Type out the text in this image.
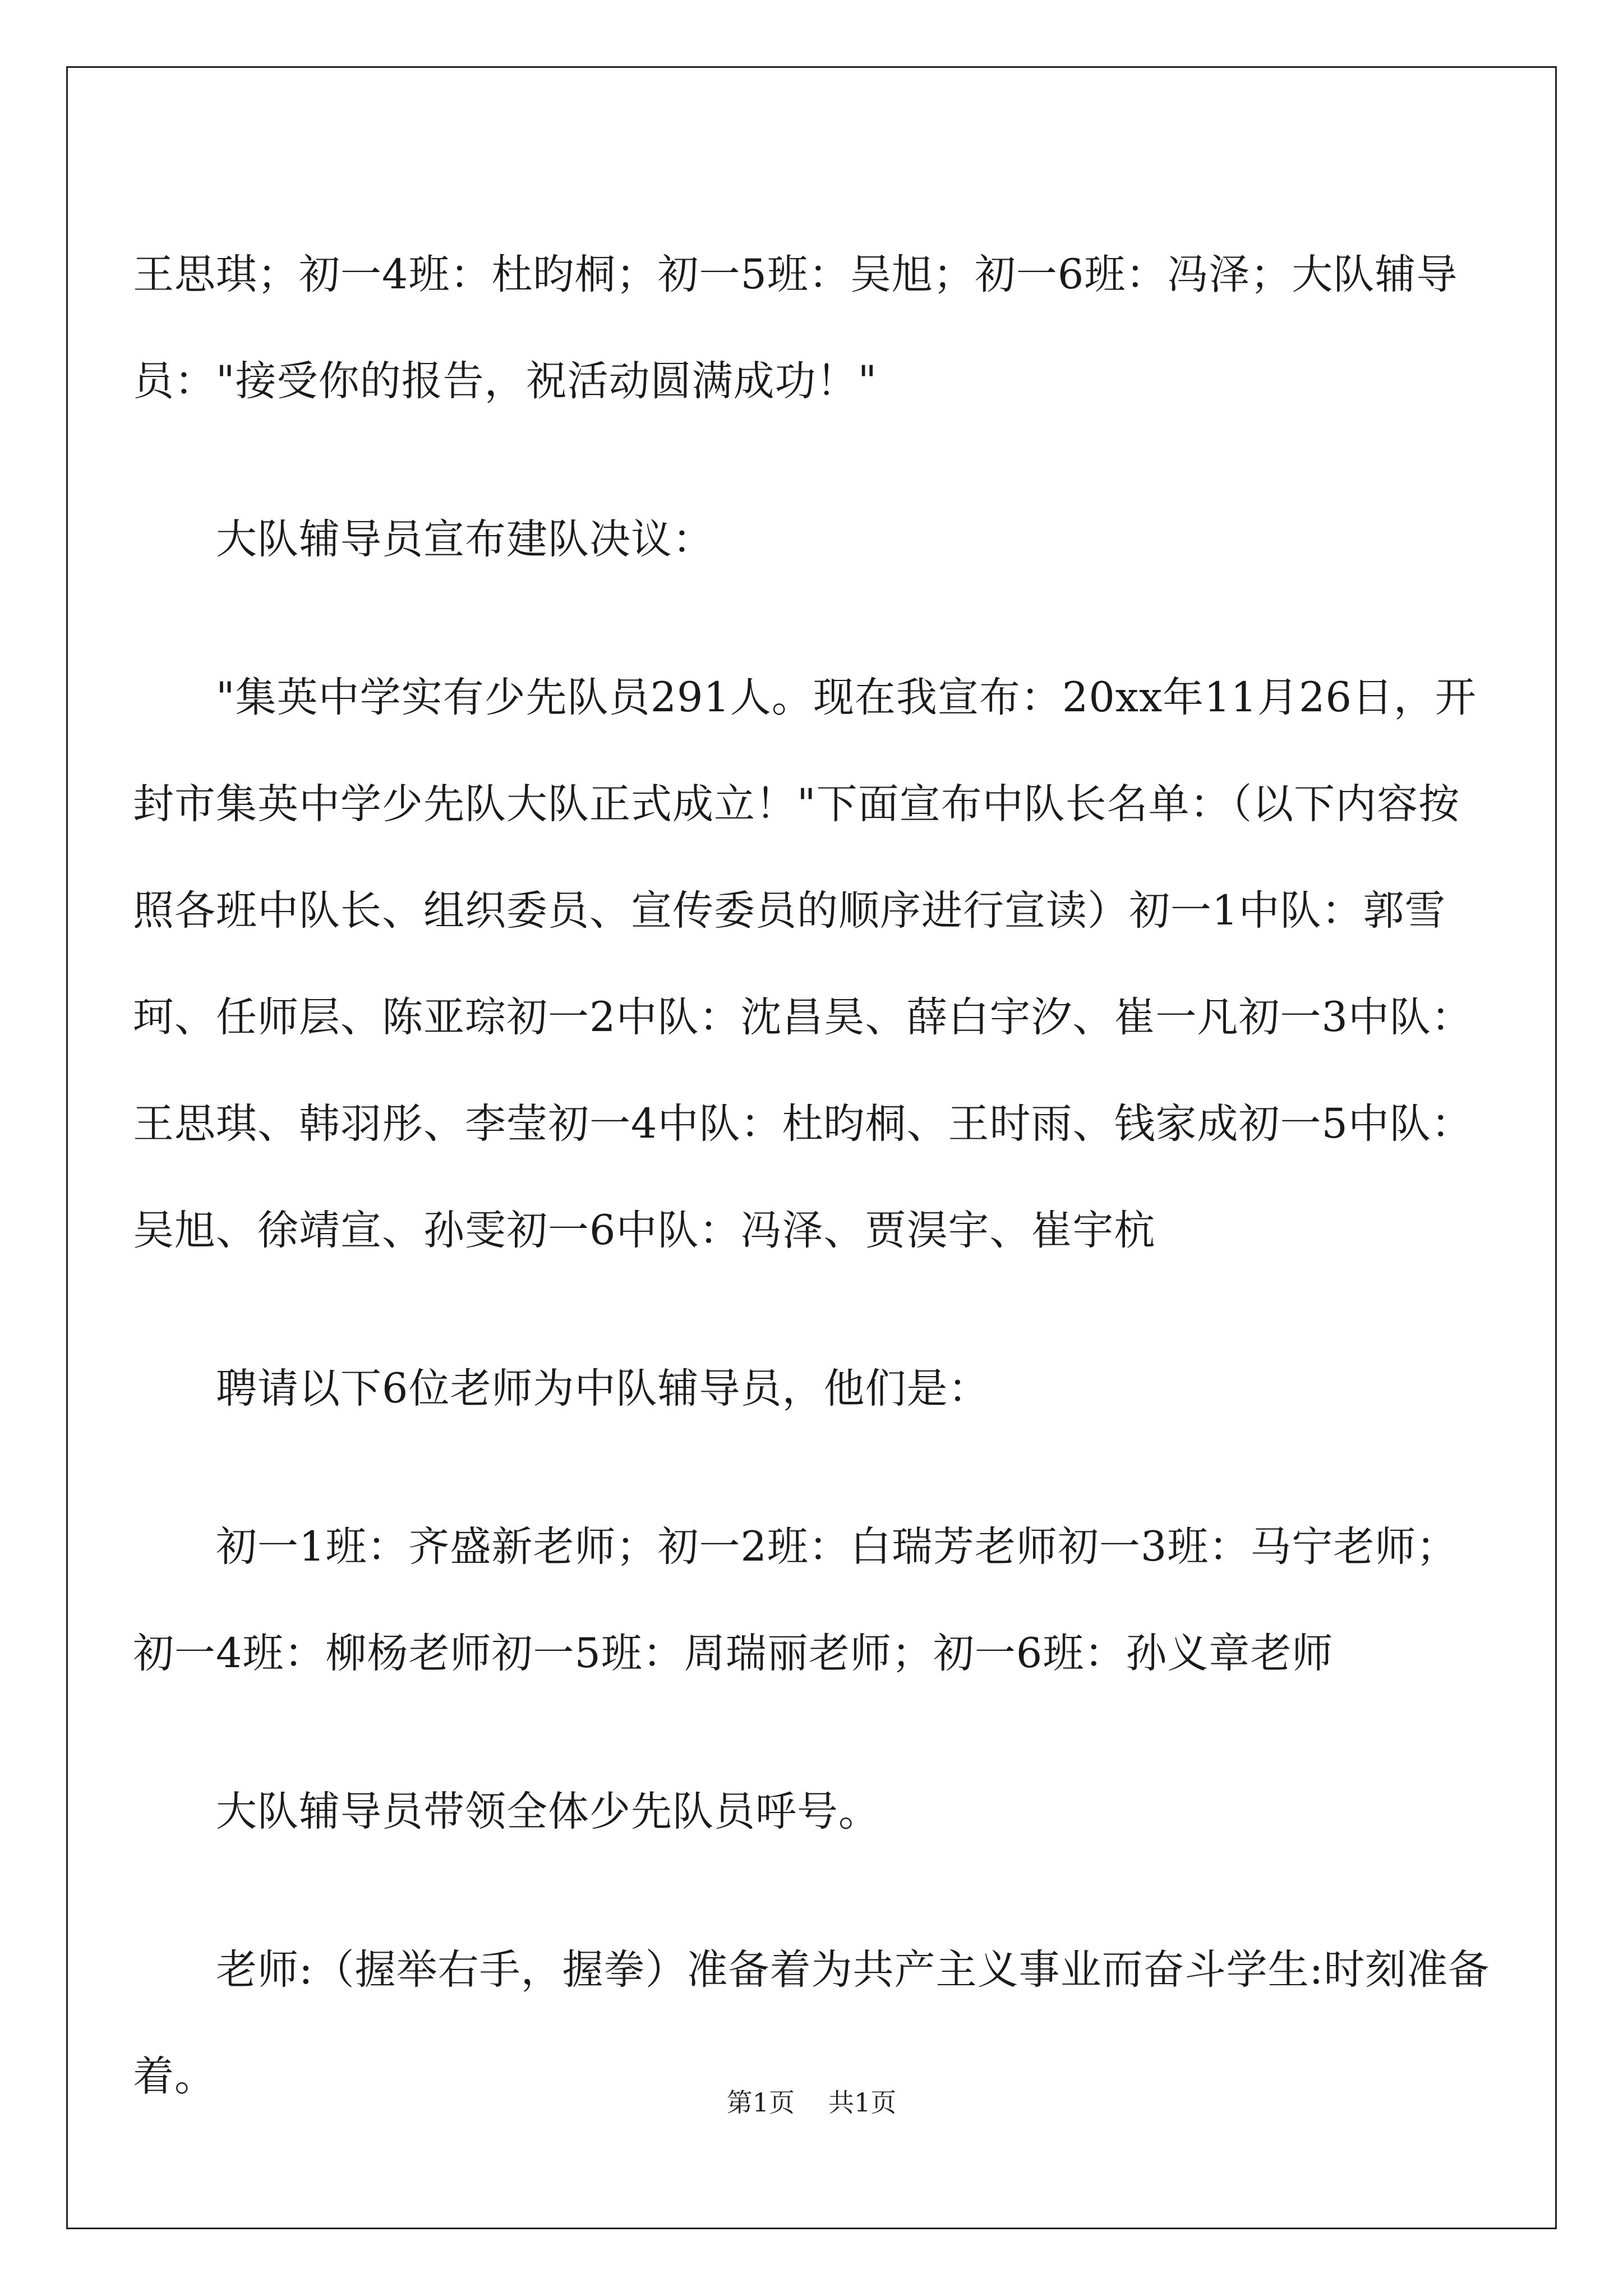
王思琪；初一4班：杜昀桐；初一5班：吴旭；初一6班：冯泽；大队辅导员："接受你的报告，祝活动圆满成功！"

大队辅导员宣布建队决议：

"集英中学实有少先队员291人。现在我宣布：20xx年11月26日，开封市集英中学少先队大队正式成立！"下面宣布中队长名单：（以下内容按照各班中队长、组织委员、宣传委员的顺序进行宣读）初一1中队：郭雪珂、任师层、陈亚琮初一2中队：沈昌昊、薛白宇汐、崔一凡初一3中队：王思琪、韩羽彤、李莹初一4中队：杜昀桐、王时雨、钱家成初一5中队：吴旭、徐靖宣、孙雯初一6中队：冯泽、贾淏宇、崔宇杭

聘请以下6位老师为中队辅导员，他们是：

初一1班：齐盛新老师；初一2班：白瑞芳老师初一3班：马宁老师；初一4班：柳杨老师初一5班：周瑞丽老师；初一6班：孙义章老师

大队辅导员带领全体少先队员呼号。

老师:（握举右手，握拳）准备着为共产主义事业而奋斗学生:时刻准备着。

第1页 共1页
